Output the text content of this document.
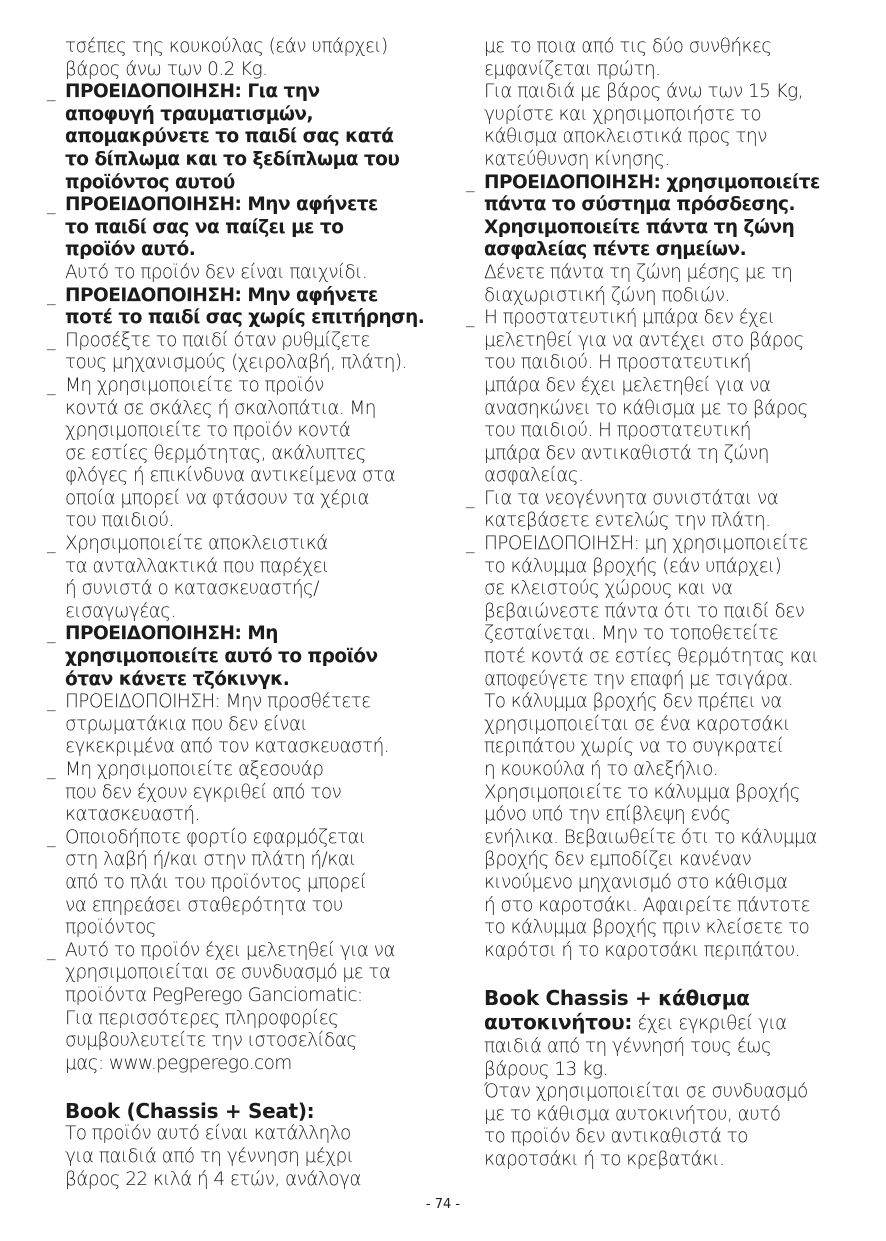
τσέπες της κουκούλας (εάν υπάρχει)

βάρος άνω των 0.2 Kg.

_ ΠΡΟΕΙΔΟΠΟΙΗΣΗ: Για την

αποφυγή τραυματισμών,

απομακρύνετε το παιδί σας κατά

το δίπλωμα και το ξεδίπλωμα του

προϊόντος αυτού

_ ΠΡΟΕΙΔΟΠΟΙΗΣΗ: Μην αφήνετε

το παιδί σας να παίζει με το

προϊόν αυτό.

Αυτό το προϊόν δεν είναι παιχνίδι.

_ ΠΡΟΕΙΔΟΠΟΙΗΣΗ: Μην αφήνετε

ποτέ το παιδί σας χωρίς επιτήρηση.

_ Προσέξτε το παιδί όταν ρυθμίζετε

τους μηχανισμούς (χειρολαβή, πλάτη).

_ Μη χρησιμοποιείτε το προϊόν

κοντά σε σκάλες ή σκαλοπάτια. Μη

χρησιμοποιείτε το προϊόν κοντά

σε εστίες θερμότητας, ακάλυπτες

φλόγες ή επικίνδυνα αντικείμενα στα

οποία μπορεί να φτάσουν τα χέρια

του παιδιού.

_ Χρησιμοποιείτε αποκλειστικά

τα ανταλλακτικά που παρέχει

ή συνιστά ο κατασκευαστής/

εισαγωγέας.

_ ΠΡΟΕΙΔΟΠΟΙΗΣΗ: Μη

χρησιμοποιείτε αυτό το προϊόν

όταν κάνετε τζόκινγκ.

_ ΠΡΟΕΙΔΟΠΟΙΗΣΗ: Μην προσθέτετε

στρωματάκια που δεν είναι

εγκεκριμένα από τον κατασκευαστή.

_ Μη χρησιμοποιείτε αξεσουάρ

που δεν έχουν εγκριθεί από τον

κατασκευαστή.

_ Οποιοδήποτε φορτίο εφαρμόζεται

στη λαβή ή/και στην πλάτη ή/και

από το πλάι του προϊόντος μπορεί

να επηρεάσει σταθερότητα του

προϊόντος

_ Αυτό το προϊόν έχει μελετηθεί για να

χρησιμοποιείται σε συνδυασμό με τα

προϊόντα PegPerego Ganciomatic:

Για περισσότερες πληροφορίες

συμβουλευτείτε την ιστοσελίδας

μας: www.pegperego.com

Book (Chassis + Seat):

Το προϊόν αυτό είναι κατάλληλο

για παιδιά από τη γέννηση μέχρι

βάρος 22 κιλά ή 4 ετών, ανάλογα

με το ποια από τις δύο συνθήκες

εμφανίζεται πρώτη.

Για παιδιά με βάρος άνω των 15 Kg,

γυρίστε και χρησιμοποιήστε το

κάθισμα αποκλειστικά προς την

κατεύθυνση κίνησης.

_ ΠΡΟΕΙΔΟΠΟΙΗΣΗ: χρησιμοποιείτε

πάντα το σύστημα πρόσδεσης.

Χρησιμοποιείτε πάντα τη ζώνη

ασφαλείας πέντε σημείων.

Δένετε πάντα τη ζώνη μέσης με τη

διαχωριστική ζώνη ποδιών.

_ Η προστατευτική μπάρα δεν έχει

μελετηθεί για να αντέχει στο βάρος

του παιδιού. Η προστατευτική

μπάρα δεν έχει μελετηθεί για να

ανασηκώνει το κάθισμα με το βάρος

του παιδιού. Η προστατευτική

μπάρα δεν αντικαθιστά τη ζώνη

ασφαλείας.

_ Για τα νεογέννητα συνιστάται να

κατεβάσετε εντελώς την πλάτη.

_ ΠΡΟΕΙΔΟΠΟΙΗΣΗ: μη χρησιμοποιείτε

το κάλυμμα βροχής (εάν υπάρχει)

σε κλειστούς χώρους και να

βεβαιώνεστε πάντα ότι το παιδί δεν

ζεσταίνεται. Μην το τοποθετείτε

ποτέ κοντά σε εστίες θερμότητας και

αποφεύγετε την επαφή με τσιγάρα.

Το κάλυμμα βροχής δεν πρέπει να

χρησιμοποιείται σε ένα καροτσάκι

περιπάτου χωρίς να το συγκρατεί

η κουκούλα ή το αλεξήλιο.

Χρησιμοποιείτε το κάλυμμα βροχής

μόνο υπό την επίβλεψη ενός

ενήλικα. Βεβαιωθείτε ότι το κάλυμμα

βροχής δεν εμποδίζει κανέναν

κινούμενο μηχανισμό στο κάθισμα

ή στο καροτσάκι. Αφαιρείτε πάντοτε

το κάλυμμα βροχής πριν κλείσετε το

καρότσι ή το καροτσάκι περιπάτου.

Book Chassis + κάθισμα

αυτοκινήτου: έχει εγκριθεί για

παιδιά από τη γέννησή τους έως

βάρους 13 kg.

Όταν χρησιμοποιείται σε συνδυασμό

με το κάθισμα αυτοκινήτου, αυτό

το προϊόν δεν αντικαθιστά το

καροτσάκι ή το κρεβατάκι.

- 74 -
